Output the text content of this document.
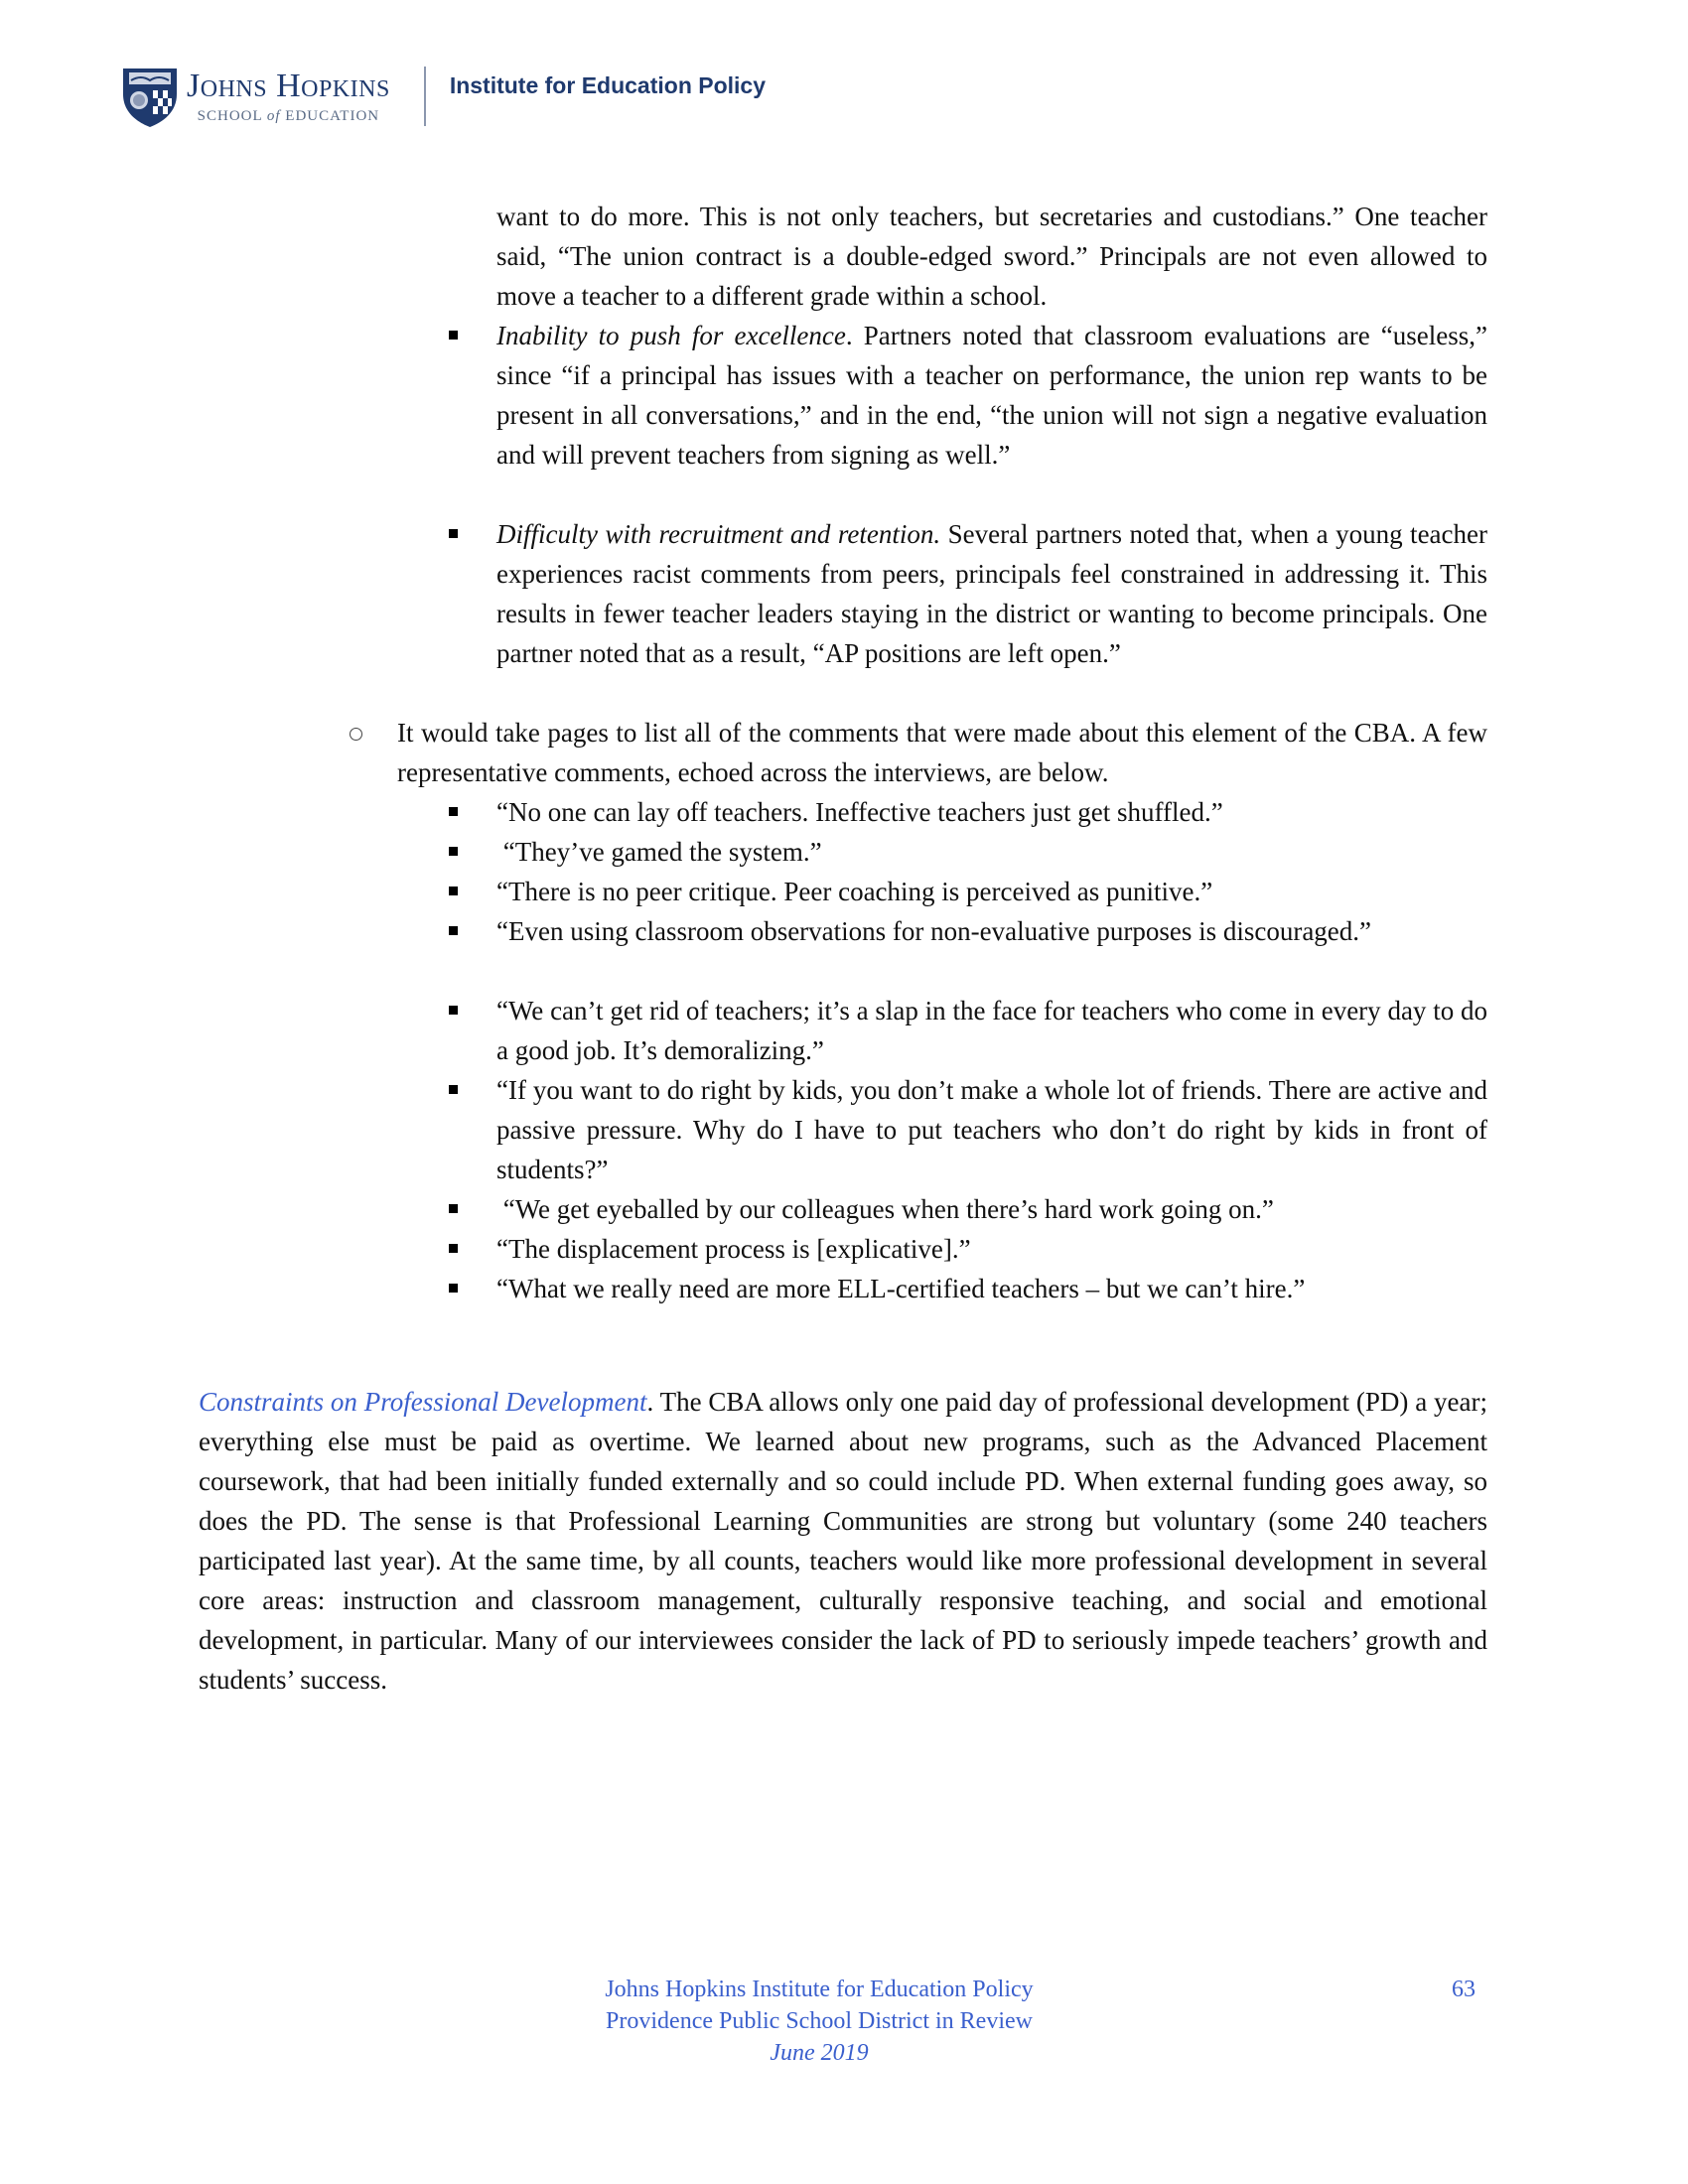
Johns Hopkins
SCHOOL of EDUCATION
Institute for Education Policy
want to do more. This is not only teachers, but secretaries and custodians.” One teacher said, “The union contract is a double-edged sword.” Principals are not even allowed to move a teacher to a different grade within a school.
Inability to push for excellence. Partners noted that classroom evaluations are “useless,” since “if a principal has issues with a teacher on performance, the union rep wants to be present in all conversations,” and in the end, “the union will not sign a negative evaluation and will prevent teachers from signing as well.”
Difficulty with recruitment and retention. Several partners noted that, when a young teacher experiences racist comments from peers, principals feel constrained in addressing it. This results in fewer teacher leaders staying in the district or wanting to become principals. One partner noted that as a result, “AP positions are left open.”
It would take pages to list all of the comments that were made about this element of the CBA. A few representative comments, echoed across the interviews, are below.
“No one can lay off teachers. Ineffective teachers just get shuffled.”
“They’ve gamed the system.”
“There is no peer critique. Peer coaching is perceived as punitive.”
“Even using classroom observations for non-evaluative purposes is discouraged.”
“We can’t get rid of teachers; it’s a slap in the face for teachers who come in every day to do a good job. It’s demoralizing.”
“If you want to do right by kids, you don’t make a whole lot of friends. There are active and passive pressure. Why do I have to put teachers who don’t do right by kids in front of students?”
“We get eyeballed by our colleagues when there’s hard work going on.”
“The displacement process is [explicative].”
“What we really need are more ELL-certified teachers – but we can’t hire.”
Constraints on Professional Development. The CBA allows only one paid day of professional development (PD) a year; everything else must be paid as overtime. We learned about new programs, such as the Advanced Placement coursework, that had been initially funded externally and so could include PD. When external funding goes away, so does the PD. The sense is that Professional Learning Communities are strong but voluntary (some 240 teachers participated last year). At the same time, by all counts, teachers would like more professional development in several core areas: instruction and classroom management, culturally responsive teaching, and social and emotional development, in particular. Many of our interviewees consider the lack of PD to seriously impede teachers’ growth and students’ success.
Johns Hopkins Institute for Education Policy
Providence Public School District in Review
June 2019
63
